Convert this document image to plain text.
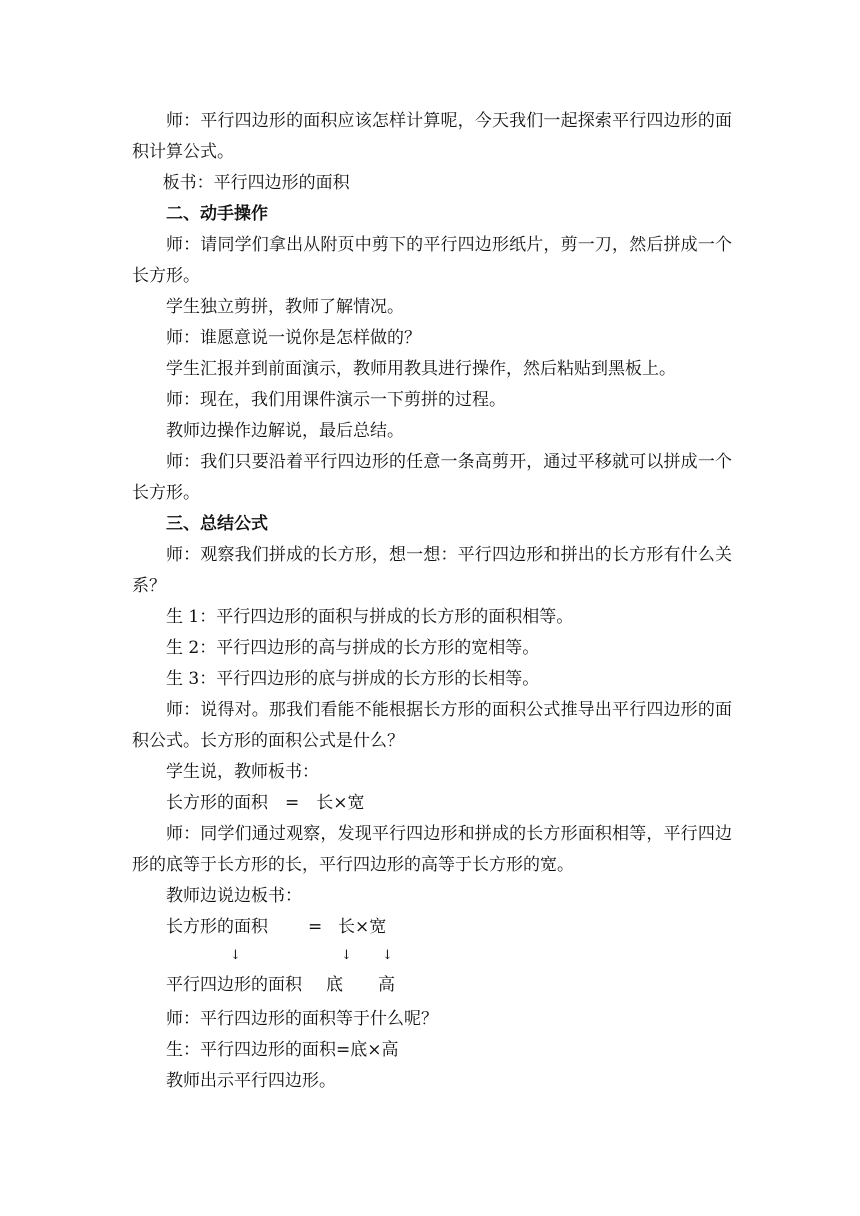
师：平行四边形的面积应该怎样计算呢，今天我们一起探索平行四边形的面积计算公式。

板书：平行四边形的面积

二、动手操作

师：请同学们拿出从附页中剪下的平行四边形纸片，剪一刀，然后拼成一个长方形。

学生独立剪拼，教师了解情况。

师：谁愿意说一说你是怎样做的？

学生汇报并到前面演示，教师用教具进行操作，然后粘贴到黑板上。

师：现在，我们用课件演示一下剪拼的过程。

教师边操作边解说，最后总结。

师：我们只要沿着平行四边形的任意一条高剪开，通过平移就可以拼成一个长方形。

三、总结公式

师：观察我们拼成的长方形，想一想：平行四边形和拼出的长方形有什么关系？

生 1：平行四边形的面积与拼成的长方形的面积相等。

生 2：平行四边形的高与拼成的长方形的宽相等。

生 3：平行四边形的底与拼成的长方形的长相等。

师：说得对。那我们看能不能根据长方形的面积公式推导出平行四边形的面积公式。长方形的面积公式是什么？

学生说，教师板书：

长方形的面积　=　长×宽

师：同学们通过观察，发现平行四边形和拼成的长方形面积相等，平行四边形的底等于长方形的长，平行四边形的高等于长方形的宽。

教师边说边板书：

长方形的面积 = 长×宽
↓	↓ ↓
平行四边形的面积 底 高

师：平行四边形的面积等于什么呢？

生：平行四边形的面积=底×高

教师出示平行四边形。
